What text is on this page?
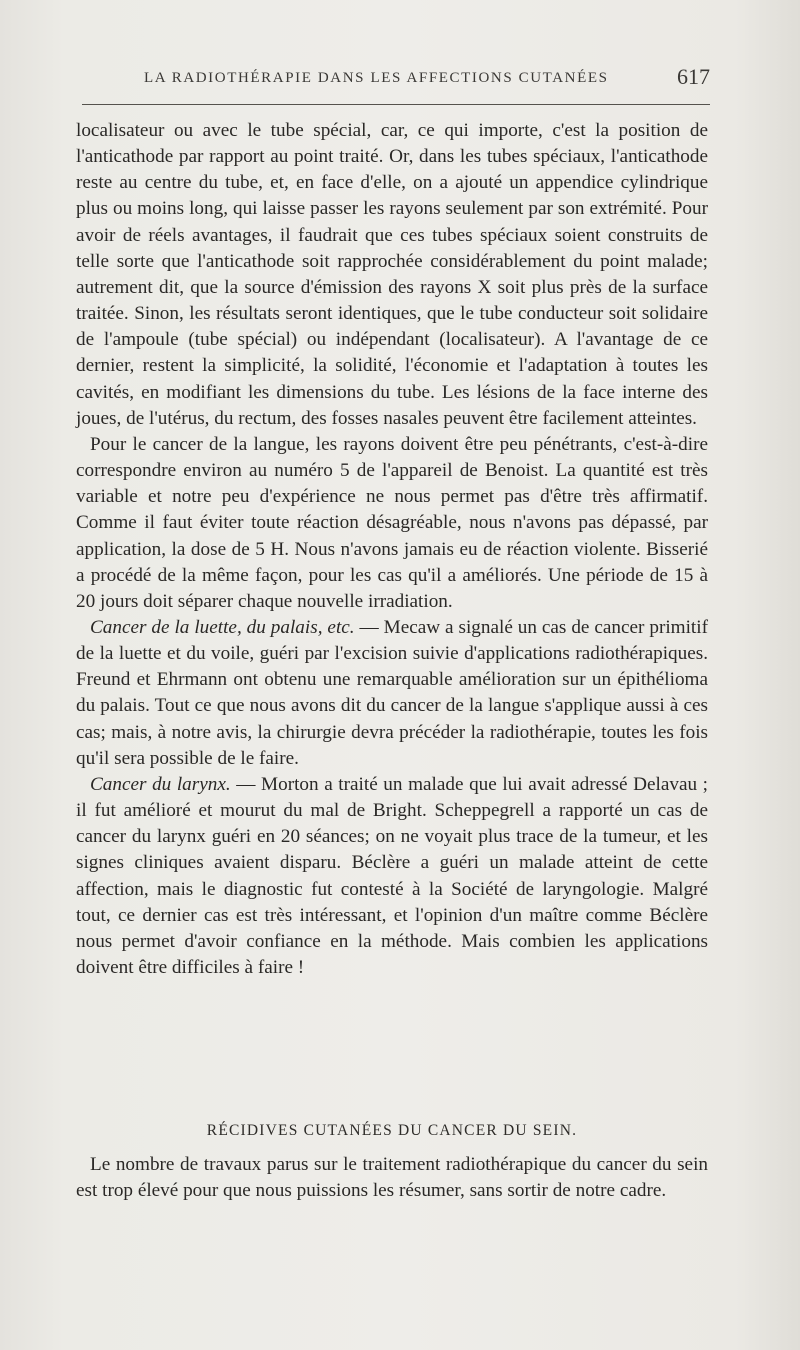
LA RADIOTHÉRAPIE DANS LES AFFECTIONS CUTANÉES	617

localisateur ou avec le tube spécial, car, ce qui importe, c'est la position de l'anticathode par rapport au point traité. Or, dans les tubes spéciaux, l'anticathode reste au centre du tube, et, en face d'elle, on a ajouté un appendice cylindrique plus ou moins long, qui laisse passer les rayons seulement par son extrémité. Pour avoir de réels avantages, il faudrait que ces tubes spéciaux soient construits de telle sorte que l'anticathode soit rapprochée considérablement du point malade; autrement dit, que la source d'émission des rayons X soit plus près de la surface traitée. Sinon, les résultats seront identiques, que le tube conducteur soit solidaire de l'ampoule (tube spécial) ou indépendant (localisateur). A l'avantage de ce dernier, restent la simplicité, la solidité, l'économie et l'adaptation à toutes les cavités, en modifiant les dimensions du tube. Les lésions de la face interne des joues, de l'utérus, du rectum, des fosses nasales peuvent être facilement atteintes.

Pour le cancer de la langue, les rayons doivent être peu pénétrants, c'est-à-dire correspondre environ au numéro 5 de l'appareil de Benoist. La quantité est très variable et notre peu d'expérience ne nous permet pas d'être très affirmatif. Comme il faut éviter toute réaction désagréable, nous n'avons pas dépassé, par application, la dose de 5 H. Nous n'avons jamais eu de réaction violente. Bisserié a procédé de la même façon, pour les cas qu'il a améliorés. Une période de 15 à 20 jours doit séparer chaque nouvelle irradiation.

Cancer de la luette, du palais, etc. — Mecaw a signalé un cas de cancer primitif de la luette et du voile, guéri par l'excision suivie d'applications radiothérapiques. Freund et Ehrmann ont obtenu une remarquable amélioration sur un épithélioma du palais. Tout ce que nous avons dit du cancer de la langue s'applique aussi à ces cas; mais, à notre avis, la chirurgie devra précéder la radiothérapie, toutes les fois qu'il sera possible de le faire.

Cancer du larynx. — Morton a traité un malade que lui avait adressé Delavau ; il fut amélioré et mourut du mal de Bright. Scheppegrell a rapporté un cas de cancer du larynx guéri en 20 séances; on ne voyait plus trace de la tumeur, et les signes cliniques avaient disparu. Béclère a guéri un malade atteint de cette affection, mais le diagnostic fut contesté à la Société de laryngologie. Malgré tout, ce dernier cas est très intéressant, et l'opinion d'un maître comme Béclère nous permet d'avoir confiance en la méthode. Mais combien les applications doivent être difficiles à faire !

RÉCIDIVES CUTANÉES DU CANCER DU SEIN.

Le nombre de travaux parus sur le traitement radiothérapique du cancer du sein est trop élevé pour que nous puissions les résumer, sans sortir de notre cadre.
